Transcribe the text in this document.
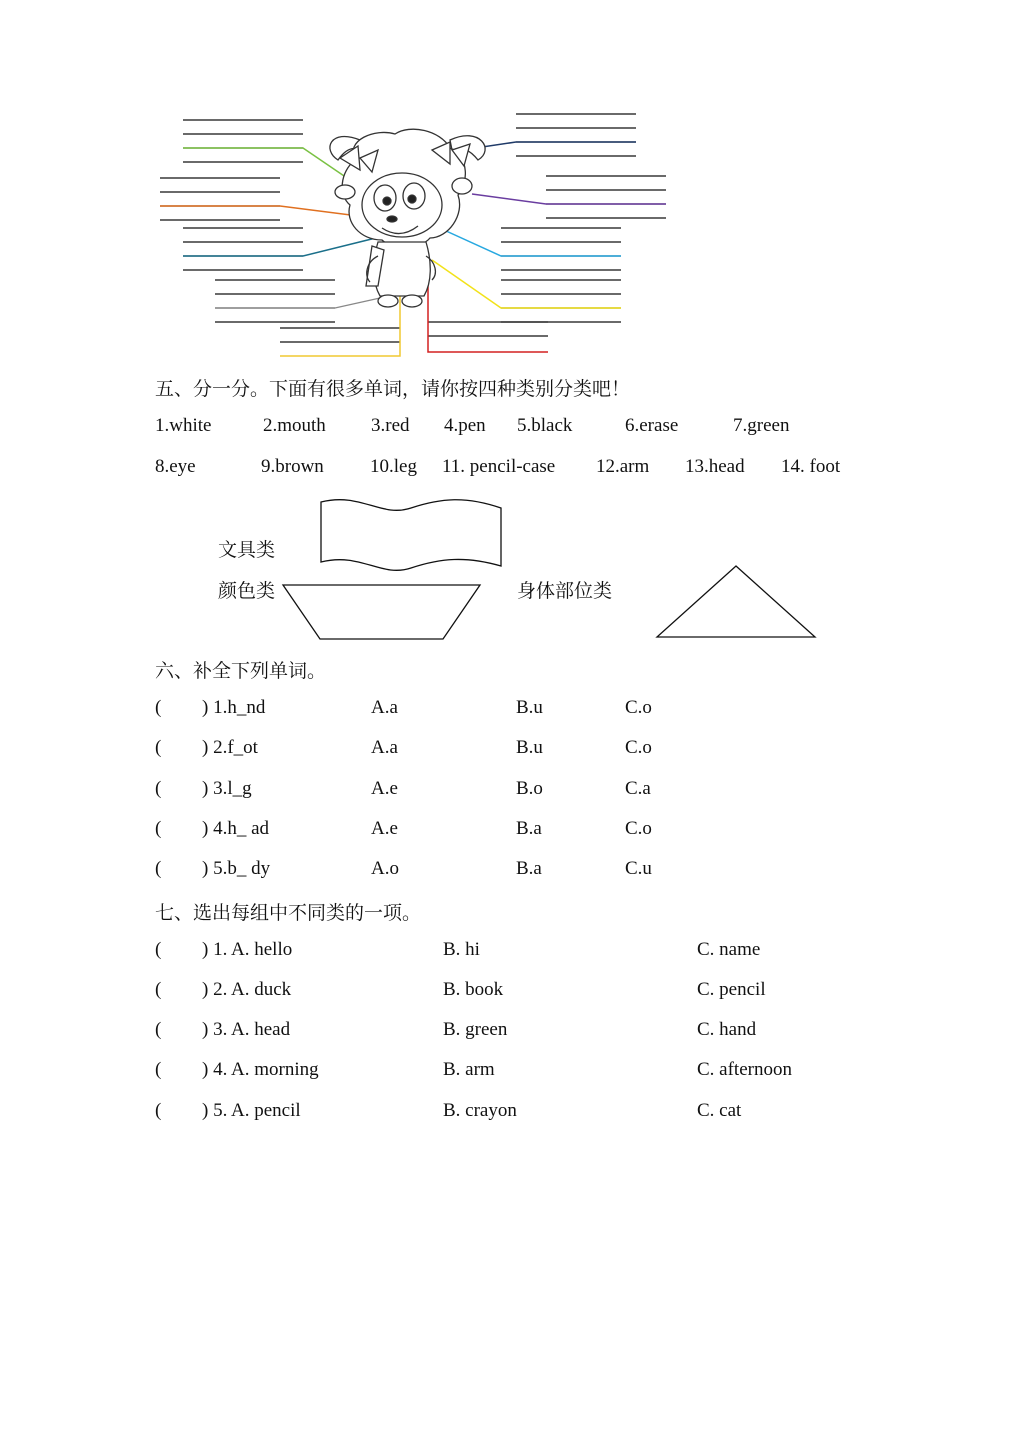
五、分一分。下面有很多单词，请你按四种类别分类吧！
1.white	2.mouth 3.red 4.pen 5.black	6.erase	7.green
8.eye	9.brown 10.leg 11. pencil-case 12.arm 13.head 14. foot
文具类
颜色类	身体部位类
六、补全下列单词。
( ) 1.h_nd	A.a	B.u	C.o
( ) 2.f_ot	A.a	B.u	C.o
( ) 3.l_g	A.e	B.o	C.a
( ) 4.h_ ad	A.e	B.a	C.o
( ) 5.b_ dy	A.o	B.a	C.u
七、选出每组中不同类的一项。
( ) 1. A. hello	B. hi	C. name
( ) 2. A. duck	B. book	C. pencil
( ) 3. A. head	B. green	C. hand
( ) 4. A. morning	B. arm	C. afternoon
( ) 5. A. pencil	B. crayon	C. cat
